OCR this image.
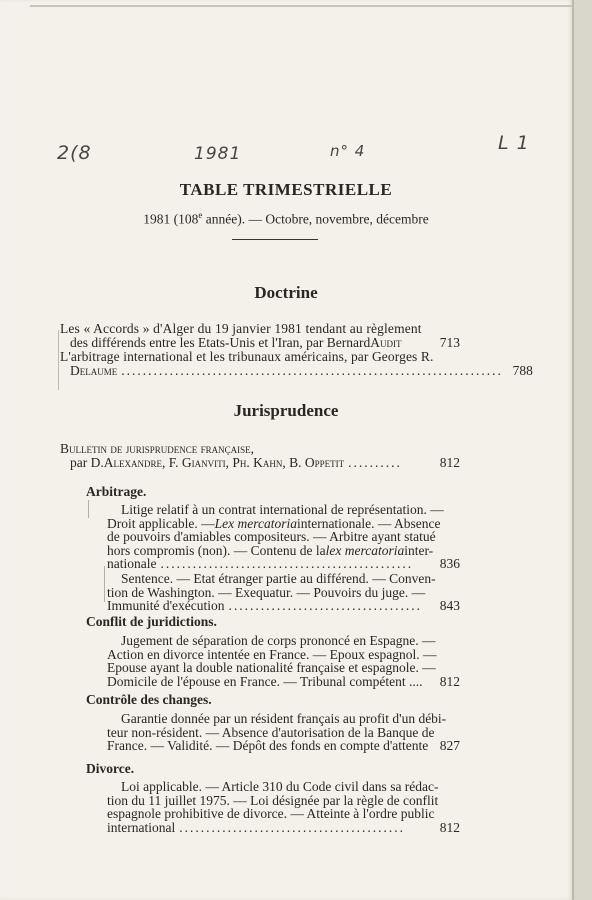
2(8	1981	n° 4	L 1
TABLE TRIMESTRIELLE
1981 (108e année). — Octobre, novembre, décembre
Doctrine
Les « Accords » d'Alger du 19 janvier 1981 tendant au règlement
des différends entre les Etats-Unis et l'Iran, par Bernard Audit	713
L'arbitrage international et les tribunaux américains, par Georges R.
Delaume ....................................................................... 788
Jurisprudence
Bulletin de jurisprudence française,
par D. Alexandre, F. Gianviti, Ph. Kahn, B. Oppetit ..........	812
Arbitrage.
Litige relatif à un contrat international de représentation. —
Droit applicable. — Lex mercatoria internationale. — Absence
de pouvoirs d'amiables compositeurs. — Arbitre ayant statué
hors compromis (non). — Contenu de la lex mercatoria inter-
nationale ...............................................	836
Sentence. — Etat étranger partie au différend. — Conven-
tion de Washington. — Exequatur. — Pouvoirs du juge. —
Immunité d'exécution ....................................	843
Conflit de juridictions.
Jugement de séparation de corps prononcé en Espagne. —
Action en divorce intentée en France. — Epoux espagnol. —
Epouse ayant la double nationalité française et espagnole. —
Domicile de l'épouse en France. — Tribunal compétent ....	812
Contrôle des changes.
Garantie donnée par un résident français au profit d'un débi-
teur non-résident. — Absence d'autorisation de la Banque de
France. — Validité. — Dépôt des fonds en compte d'attente 827
Divorce.
Loi applicable. — Article 310 du Code civil dans sa rédac-
tion du 11 juillet 1975. — Loi désignée par la règle de conflit
espagnole prohibitive de divorce. — Atteinte à l'ordre public
international ..........................................	812
